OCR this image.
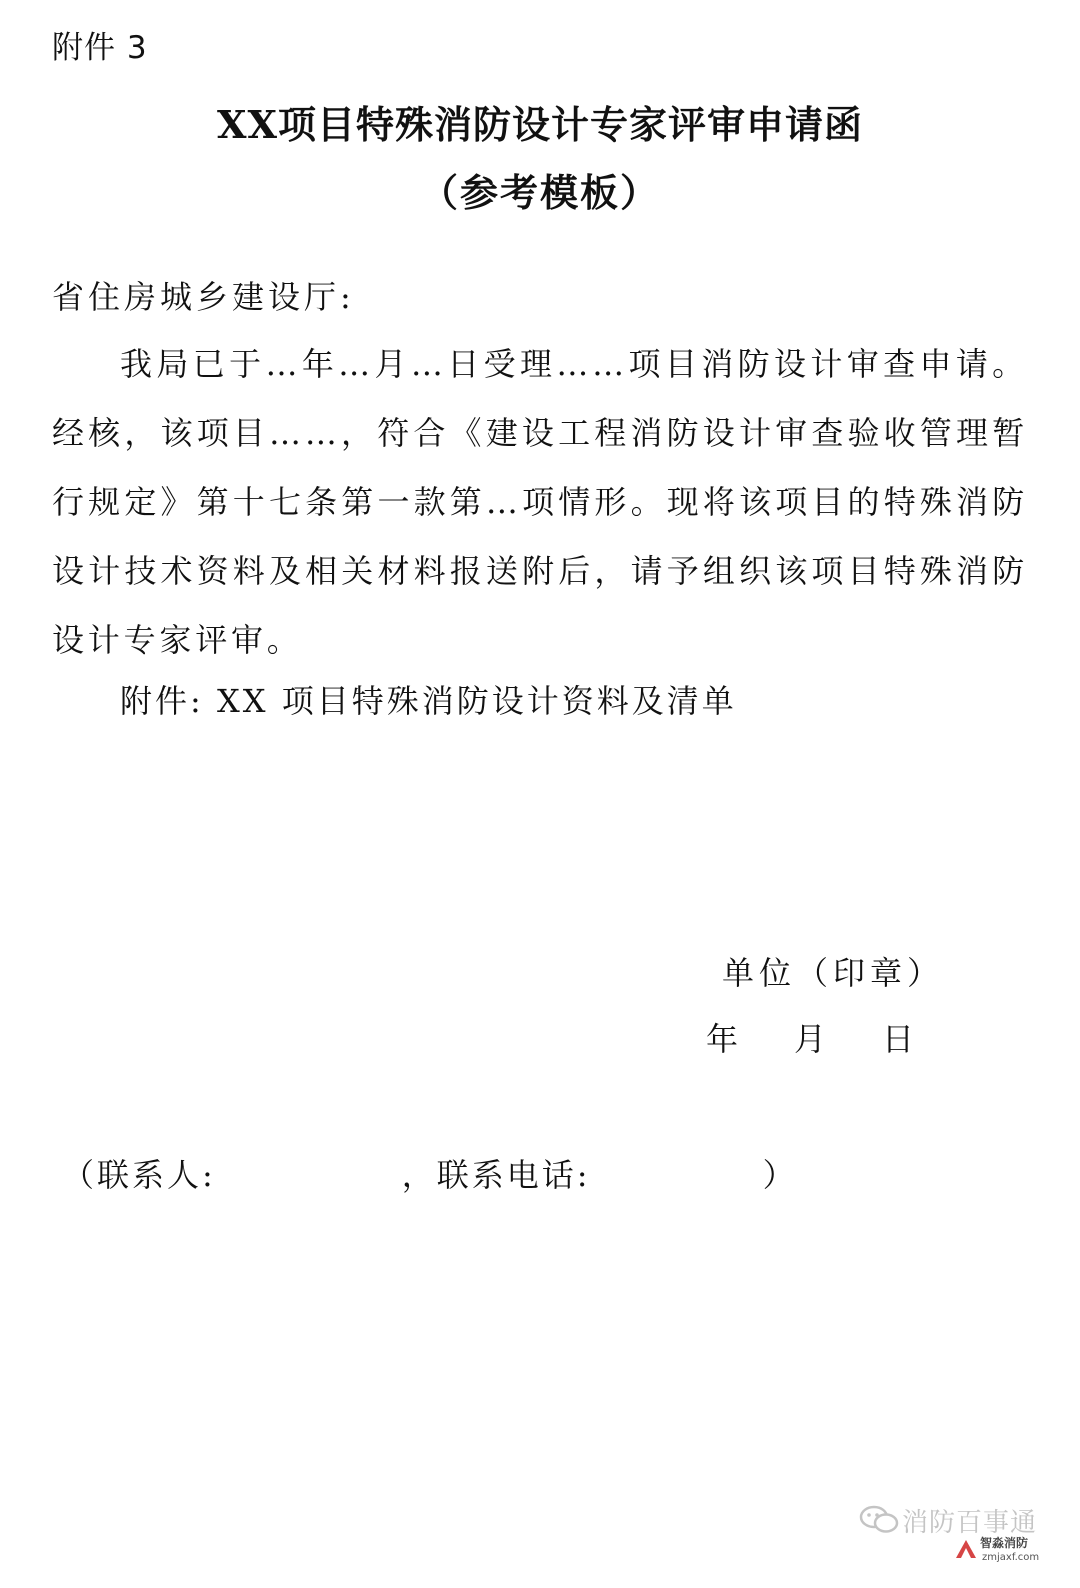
附件 3
XX项目特殊消防设计专家评审申请函
（参考模板）
省住房城乡建设厅:

我局已于…年…月…日受理……项目消防设计审查申请。经核，该项目……，符合《建设工程消防设计审查验收管理暂行规定》第十七条第一款第…项情形。现将该项目的特殊消防设计技术资料及相关材料报送附后，请予组织该项目特殊消防设计专家评审。

附件: XX 项目特殊消防设计资料及清单
单位（印章）
年 月 日
（联系人:	，联系电话:	）
消防百事通
智淼消防
zmjaxf.com
